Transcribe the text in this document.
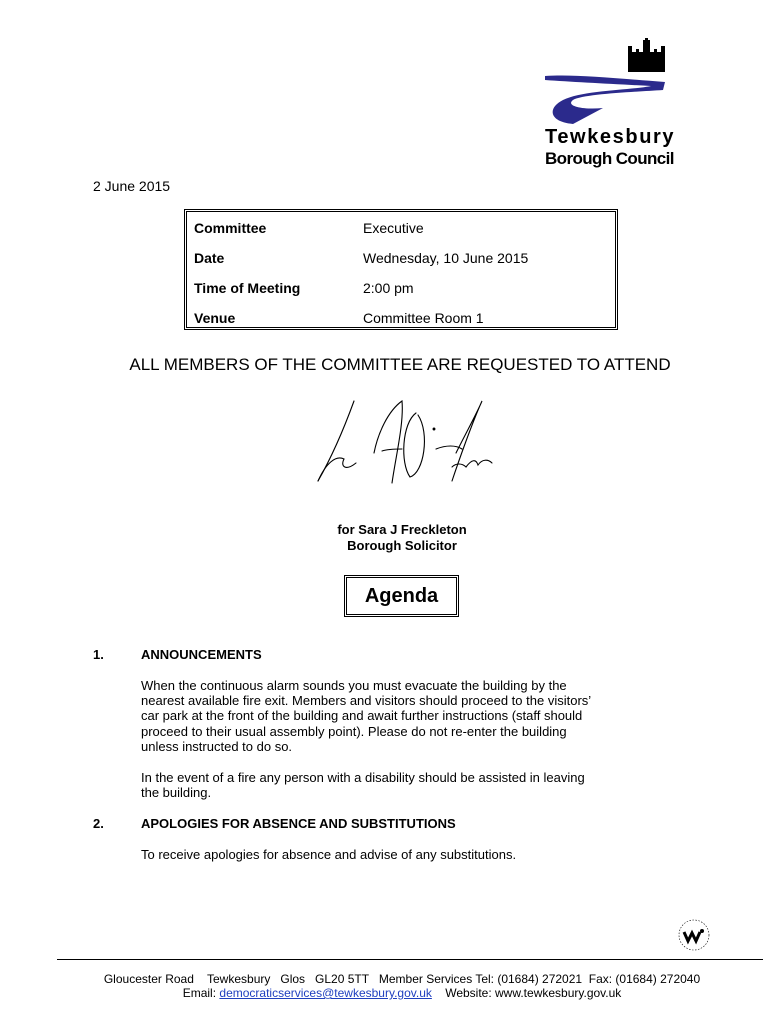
Tewkesbury
Borough Council
2 June 2015
Committee	Executive
Date	Wednesday, 10 June 2015
Time of Meeting	2:00 pm
Venue	Committee Room 1
ALL MEMBERS OF THE COMMITTEE ARE REQUESTED TO ATTEND
for Sara J Freckleton
Borough Solicitor
Agenda
1.	ANNOUNCEMENTS

When the continuous alarm sounds you must evacuate the building by the nearest available fire exit. Members and visitors should proceed to the visitors’ car park at the front of the building and await further instructions (staff should proceed to their usual assembly point). Please do not re-enter the building unless instructed to do so.

In the event of a fire any person with a disability should be assisted in leaving the building.

2.	APOLOGIES FOR ABSENCE AND SUBSTITUTIONS

To receive apologies for absence and advise of any substitutions.

Gloucester Road    Tewkesbury   Glos   GL20 5TT   Member Services Tel: (01684) 272021  Fax: (01684) 272040
Email: democraticservices@tewkesbury.gov.uk    Website: www.tewkesbury.gov.uk
